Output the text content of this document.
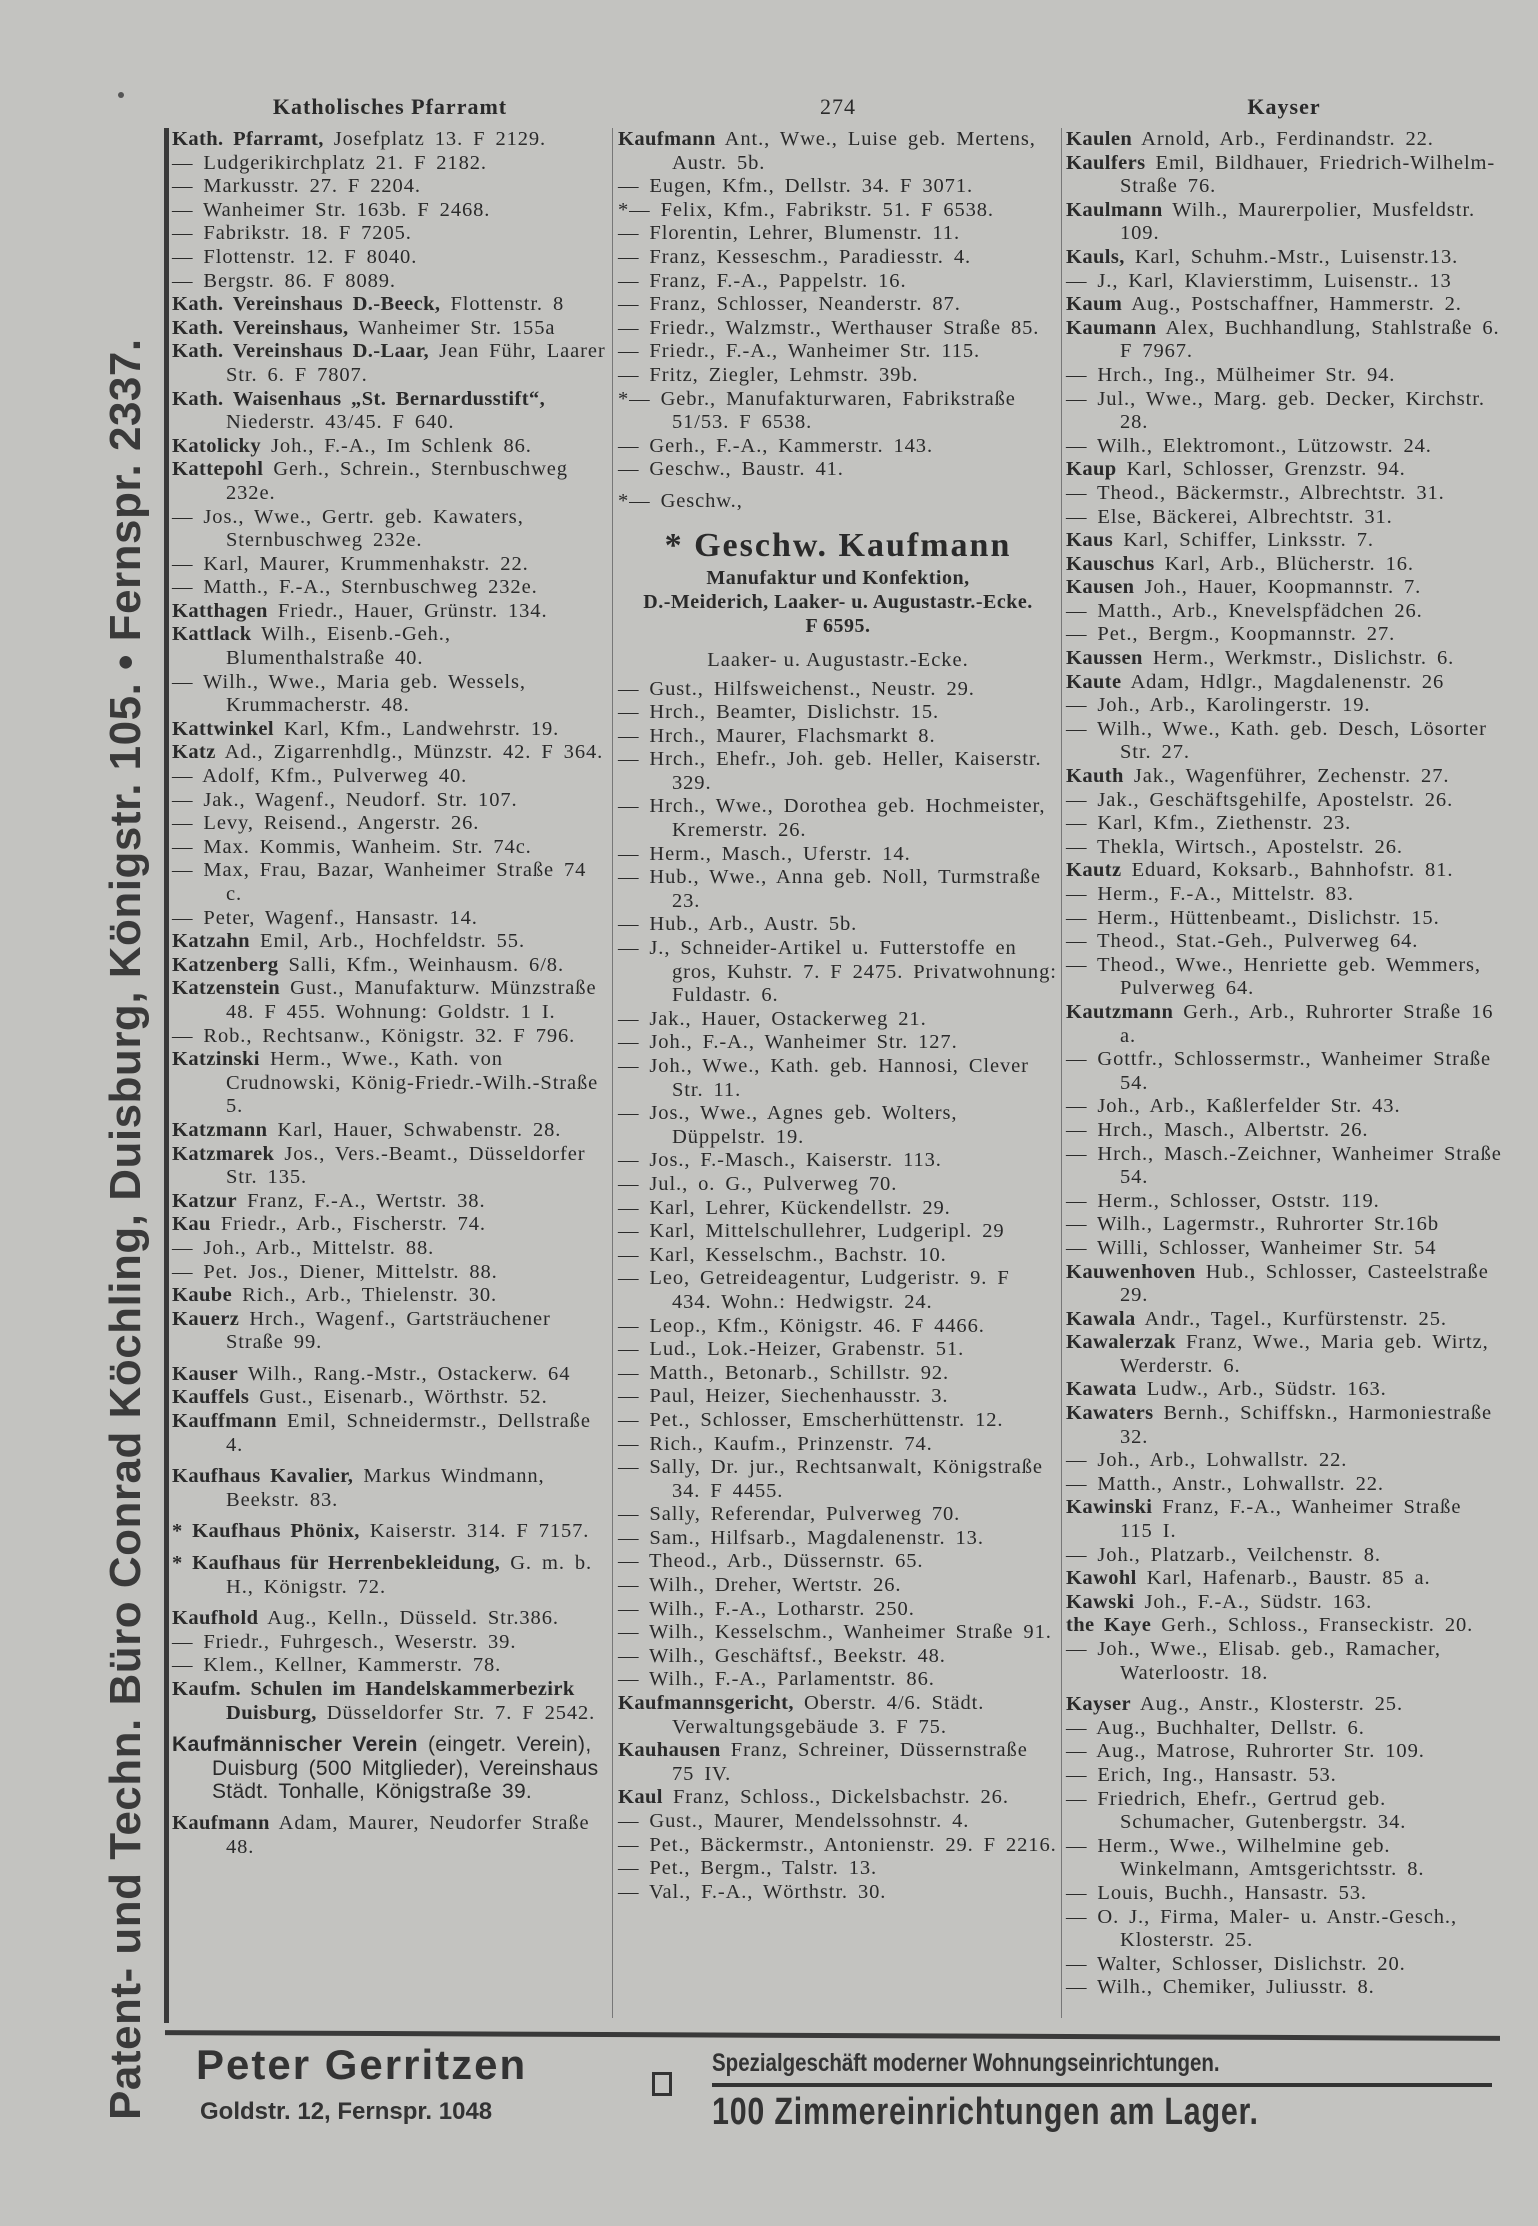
Patent- und Techn. Büro Conrad Köchling, Duisburg, Königstr. 105. • Fernspr. 2337.
Katholisches Pfarramt
Kath. Pfarramt, Josefplatz 13. F 2129.
— Ludgerikirchplatz 21. F 2182.
— Markusstr. 27. F 2204.
— Wanheimer Str. 163b. F 2468.
— Fabrikstr. 18. F 7205.
— Flottenstr. 12. F 8040.
— Bergstr. 86. F 8089.
Kath. Vereinshaus D.-Beeck, Flottenstr. 8
Kath. Vereinshaus, Wanheimer Str. 155a
Kath. Vereinshaus D.-Laar, Jean Führ, Laarer Str. 6. F 7807.
Kath. Waisenhaus „St. Bernardusstift“, Niederstr. 43/45. F 640.
Katolicky Joh., F.-A., Im Schlenk 86.
Kattepohl Gerh., Schrein., Sternbuschweg 232e.
— Jos., Wwe., Gertr. geb. Kawaters, Sternbuschweg 232e.
— Karl, Maurer, Krummenhakstr. 22.
— Matth., F.-A., Sternbuschweg 232e.
Katthagen Friedr., Hauer, Grünstr. 134.
Kattlack Wilh., Eisenb.-Geh., Blumenthalstraße 40.
— Wilh., Wwe., Maria geb. Wessels, Krummacherstr. 48.
Kattwinkel Karl, Kfm., Landwehrstr. 19.
Katz Ad., Zigarrenhdlg., Münzstr. 42. F 364.
— Adolf, Kfm., Pulverweg 40.
— Jak., Wagenf., Neudorf. Str. 107.
— Levy, Reisend., Angerstr. 26.
— Max. Kommis, Wanheim. Str. 74c.
— Max, Frau, Bazar, Wanheimer Straße 74 c.
— Peter, Wagenf., Hansastr. 14.
Katzahn Emil, Arb., Hochfeldstr. 55.
Katzenberg Salli, Kfm., Weinhausm. 6/8.
Katzenstein Gust., Manufakturw. Münzstraße 48. F 455. Wohnung: Goldstr. 1 I.
— Rob., Rechtsanw., Königstr. 32. F 796.
Katzinski Herm., Wwe., Kath. von Crudnowski, König-Friedr.-Wilh.-Straße 5.
Katzmann Karl, Hauer, Schwabenstr. 28.
Katzmarek Jos., Vers.-Beamt., Düsseldorfer Str. 135.
Katzur Franz, F.-A., Wertstr. 38.
Kau Friedr., Arb., Fischerstr. 74.
— Joh., Arb., Mittelstr. 88.
— Pet. Jos., Diener, Mittelstr. 88.
Kaube Rich., Arb., Thielenstr. 30.
Kauerz Hrch., Wagenf., Gartsträuchener Straße 99.
Kauser Wilh., Rang.-Mstr., Ostackerw. 64
Kauffels Gust., Eisenarb., Wörthstr. 52.
Kauffmann Emil, Schneidermstr., Dellstraße 4.
Kaufhaus Kavalier, Markus Windmann, Beekstr. 83.
* Kaufhaus Phönix, Kaiserstr. 314. F 7157.
* Kaufhaus für Herrenbekleidung, G. m. b. H., Königstr. 72.
Kaufhold Aug., Kelln., Düsseld. Str.386.
— Friedr., Fuhrgesch., Weserstr. 39.
— Klem., Kellner, Kammerstr. 78.
Kaufm. Schulen im Handelskammerbezirk Duisburg, Düsseldorfer Str. 7. F 2542.
Kaufmännischer Verein (eingetr. Verein), Duisburg (500 Mitglieder), Vereinshaus Städt. Tonhalle, Königstraße 39.
Kaufmann Adam, Maurer, Neudorfer Straße 48.
274
Kaufmann Ant., Wwe., Luise geb. Mertens, Austr. 5b.
— Eugen, Kfm., Dellstr. 34. F 3071.
*— Felix, Kfm., Fabrikstr. 51. F 6538.
— Florentin, Lehrer, Blumenstr. 11.
— Franz, Kesseschm., Paradiesstr. 4.
— Franz, F.-A., Pappelstr. 16.
— Franz, Schlosser, Neanderstr. 87.
— Friedr., Walzmstr., Werthauser Straße 85.
— Friedr., F.-A., Wanheimer Str. 115.
— Fritz, Ziegler, Lehmstr. 39b.
*— Gebr., Manufakturwaren, Fabrikstraße 51/53. F 6538.
— Gerh., F.-A., Kammerstr. 143.
— Geschw., Baustr. 41.
*— Geschw.,
* Geschw. Kaufmann
Manufaktur und Konfektion,
D.-Meiderich, Laaker- u. Augustastr.-Ecke.
F 6595.
Laaker- u. Augustastr.-Ecke.
— Gust., Hilfsweichenst., Neustr. 29.
— Hrch., Beamter, Dislichstr. 15.
— Hrch., Maurer, Flachsmarkt 8.
— Hrch., Ehefr., Joh. geb. Heller, Kaiserstr. 329.
— Hrch., Wwe., Dorothea geb. Hochmeister, Kremerstr. 26.
— Herm., Masch., Uferstr. 14.
— Hub., Wwe., Anna geb. Noll, Turmstraße 23.
— Hub., Arb., Austr. 5b.
— J., Schneider-Artikel u. Futterstoffe en gros, Kuhstr. 7. F 2475. Privatwohnung: Fuldastr. 6.
— Jak., Hauer, Ostackerweg 21.
— Joh., F.-A., Wanheimer Str. 127.
— Joh., Wwe., Kath. geb. Hannosi, Clever Str. 11.
— Jos., Wwe., Agnes geb. Wolters, Düppelstr. 19.
— Jos., F.-Masch., Kaiserstr. 113.
— Jul., o. G., Pulverweg 70.
— Karl, Lehrer, Kückendellstr. 29.
— Karl, Mittelschullehrer, Ludgeripl. 29
— Karl, Kesselschm., Bachstr. 10.
— Leo, Getreideagentur, Ludgeristr. 9. F 434. Wohn.: Hedwigstr. 24.
— Leop., Kfm., Königstr. 46. F 4466.
— Lud., Lok.-Heizer, Grabenstr. 51.
— Matth., Betonarb., Schillstr. 92.
— Paul, Heizer, Siechenhausstr. 3.
— Pet., Schlosser, Emscherhüttenstr. 12.
— Rich., Kaufm., Prinzenstr. 74.
— Sally, Dr. jur., Rechtsanwalt, Königstraße 34. F 4455.
— Sally, Referendar, Pulverweg 70.
— Sam., Hilfsarb., Magdalenenstr. 13.
— Theod., Arb., Düssernstr. 65.
— Wilh., Dreher, Wertstr. 26.
— Wilh., F.-A., Lotharstr. 250.
— Wilh., Kesselschm., Wanheimer Straße 91.
— Wilh., Geschäftsf., Beekstr. 48.
— Wilh., F.-A., Parlamentstr. 86.
Kaufmannsgericht, Oberstr. 4/6. Städt. Verwaltungsgebäude 3. F 75.
Kauhausen Franz, Schreiner, Düssernstraße 75 IV.
Kaul Franz, Schloss., Dickelsbachstr. 26.
— Gust., Maurer, Mendelssohnstr. 4.
— Pet., Bäckermstr., Antonienstr. 29. F 2216.
— Pet., Bergm., Talstr. 13.
— Val., F.-A., Wörthstr. 30.
Kayser
Kaulen Arnold, Arb., Ferdinandstr. 22.
Kaulfers Emil, Bildhauer, Friedrich-Wilhelm-Straße 76.
Kaulmann Wilh., Maurerpolier, Musfeldstr. 109.
Kauls, Karl, Schuhm.-Mstr., Luisenstr.13.
— J., Karl, Klavierstimm, Luisenstr.. 13
Kaum Aug., Postschaffner, Hammerstr. 2.
Kaumann Alex, Buchhandlung, Stahlstraße 6. F 7967.
— Hrch., Ing., Mülheimer Str. 94.
— Jul., Wwe., Marg. geb. Decker, Kirchstr. 28.
— Wilh., Elektromont., Lützowstr. 24.
Kaup Karl, Schlosser, Grenzstr. 94.
— Theod., Bäckermstr., Albrechtstr. 31.
— Else, Bäckerei, Albrechtstr. 31.
Kaus Karl, Schiffer, Linksstr. 7.
Kauschus Karl, Arb., Blücherstr. 16.
Kausen Joh., Hauer, Koopmannstr. 7.
— Matth., Arb., Knevelspfädchen 26.
— Pet., Bergm., Koopmannstr. 27.
Kaussen Herm., Werkmstr., Dislichstr. 6.
Kaute Adam, Hdlgr., Magdalenenstr. 26
— Joh., Arb., Karolingerstr. 19.
— Wilh., Wwe., Kath. geb. Desch, Lösorter Str. 27.
Kauth Jak., Wagenführer, Zechenstr. 27.
— Jak., Geschäftsgehilfe, Apostelstr. 26.
— Karl, Kfm., Ziethenstr. 23.
— Thekla, Wirtsch., Apostelstr. 26.
Kautz Eduard, Koksarb., Bahnhofstr. 81.
— Herm., F.-A., Mittelstr. 83.
— Herm., Hüttenbeamt., Dislichstr. 15.
— Theod., Stat.-Geh., Pulverweg 64.
— Theod., Wwe., Henriette geb. Wemmers, Pulverweg 64.
Kautzmann Gerh., Arb., Ruhrorter Straße 16 a.
— Gottfr., Schlossermstr., Wanheimer Straße 54.
— Joh., Arb., Kaßlerfelder Str. 43.
— Hrch., Masch., Albertstr. 26.
— Hrch., Masch.-Zeichner, Wanheimer Straße 54.
— Herm., Schlosser, Oststr. 119.
— Wilh., Lagermstr., Ruhrorter Str.16b
— Willi, Schlosser, Wanheimer Str. 54
Kauwenhoven Hub., Schlosser, Casteelstraße 29.
Kawala Andr., Tagel., Kurfürstenstr. 25.
Kawalerzak Franz, Wwe., Maria geb. Wirtz, Werderstr. 6.
Kawata Ludw., Arb., Südstr. 163.
Kawaters Bernh., Schiffskn., Harmoniestraße 32.
— Joh., Arb., Lohwallstr. 22.
— Matth., Anstr., Lohwallstr. 22.
Kawinski Franz, F.-A., Wanheimer Straße 115 I.
— Joh., Platzarb., Veilchenstr. 8.
Kawohl Karl, Hafenarb., Baustr. 85 a.
Kawski Joh., F.-A., Südstr. 163.
the Kaye Gerh., Schloss., Franseckistr. 20.
— Joh., Wwe., Elisab. geb., Ramacher, Waterloostr. 18.
Kayser Aug., Anstr., Klosterstr. 25.
— Aug., Buchhalter, Dellstr. 6.
— Aug., Matrose, Ruhrorter Str. 109.
— Erich, Ing., Hansastr. 53.
— Friedrich, Ehefr., Gertrud geb. Schumacher, Gutenbergstr. 34.
— Herm., Wwe., Wilhelmine geb. Winkelmann, Amtsgerichtsstr. 8.
— Louis, Buchh., Hansastr. 53.
— O. J., Firma, Maler- u. Anstr.-Gesch., Klosterstr. 25.
— Walter, Schlosser, Dislichstr. 20.
— Wilh., Chemiker, Juliusstr. 8.
Peter Gerritzen
Goldstr. 12, Fernspr. 1048
Spezialgeschäft moderner Wohnungseinrichtungen.
100 Zimmereinrichtungen am Lager.
